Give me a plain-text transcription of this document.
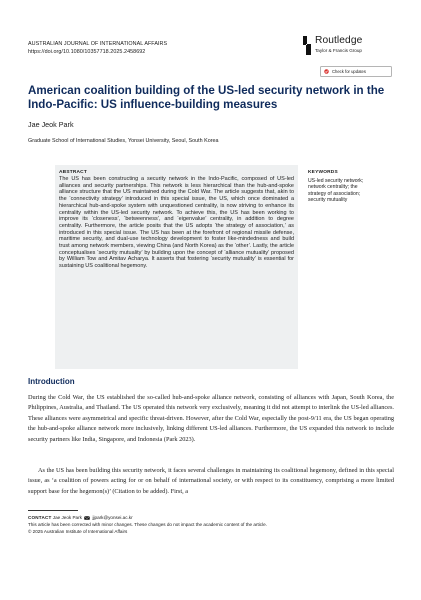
AUSTRALIAN JOURNAL OF INTERNATIONAL AFFAIRS
https://doi.org/10.1080/10357718.2025.2458692
Routledge
Taylor & Francis Group
Check for updates
American coalition building of the US-led security network in the Indo-Pacific: US influence-building measures
Jae Jeok Park
Graduate School of International Studies, Yonsei University, Seoul, South Korea
ABSTRACT

The US has been constructing a security network in the Indo-Pacific, composed of US-led alliances and security partnerships. This network is less hierarchical than the hub-and-spoke alliance structure that the US maintained during the Cold War. The article suggests that, akin to the ‘connectivity strategy’ introduced in this special issue, the US, which once dominated a hierarchical hub-and-spoke system with unquestioned centrality, is now striving to enhance its centrality within the US-led security network. To achieve this, the US has been working to improve its ‘closeness’, ‘betweenness’, and ‘eigenvalue’ centrality, in addition to degree centrality. Furthermore, the article posits that the US adopts ‘the strategy of association,’ as introduced in this special issue. The US has been at the forefront of regional missile defense, maritime security, and dual-use technology development to foster like-mindedness and build trust among network members, viewing China (and North Korea) as the ‘other’. Lastly, the article conceptualises ‘security mutuality’ by building upon the concept of ‘alliance mutuality’ proposed by William Tow and Amitav Acharya. It asserts that fostering ‘security mutuality’ is essential for sustaining US coalitional hegemony.

KEYWORDS
US-led security network;
network centrality; the
strategy of association;
security mutuality
Introduction

During the Cold War, the US established the so-called hub-and-spoke alliance network, consisting of alliances with Japan, South Korea, the Philippines, Australia, and Thailand. The US operated this network very exclusively, meaning it did not attempt to interlink the US-led alliances. These alliances were asymmetrical and specific threat-driven. However, after the Cold War, especially the post-9/11 era, the US began operating the hub-and-spoke alliance network more inclusively, linking different US-led alliances. Furthermore, the US expanded this network to include security partners like India, Singapore, and Indonesia (Park 2023).

As the US has been building this security network, it faces several challenges in maintaining its coalitional hegemony, defined in this special issue, as ‘a coalition of powers acting for or on behalf of international society, or with respect to its constituency, comprising a more limited support base for the hegemon(s)’ (Citation to be added). First, a

CONTACT Jae Jeok Park jjpark@yonsei.ac.kr
This article has been corrected with minor changes. These changes do not impact the academic content of the article.
© 2025 Australian Institute of International Affairs
